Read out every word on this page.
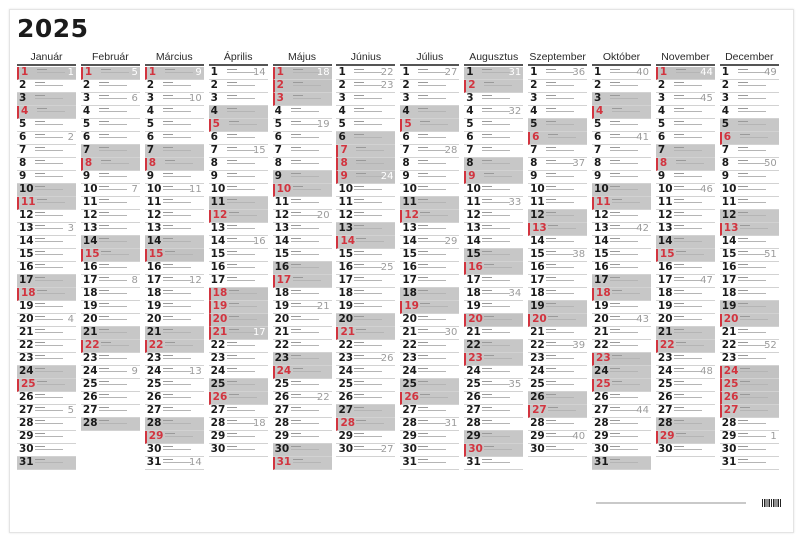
2025
Január
1	1
2
3
4
5
6	2
7
8
9
10
11
12
13	3
14
15
16
17
18
19
20	4
21
22
23
24
25
26
27	5
28
29
30
31
Február
1	5
2
3	6
4
5
6
7
8
9
10	7
11
12
13
14
15
16
17	8
18
19
20
21
22
23
24	9
25
26
27
28
Március
1	9
2
3	10
4
5
6
7
8
9
10	11
11
12
13
14
15
16
17	12
18
19
20
21
22
23
24	13
25
26
27
28
29
30
31	14
Április
1	14
2
3
4
5
6
7	15
8
9
10
11
12
13
14	16
15
16
17
18
19
20
21	17
22
23
24
25
26
27
28	18
29
30
Május
1	18
2
3
4
5	19
6
7
8
9
10
11
12	20
13
14
15
16
17
18
19	21
20
21
22
23
24
25
26	22
27
28
29
30
31
Június
1	22
2	23
3
4
5
6
7
8
9	24
10
11
12
13
14
15
16	25
17
18
19
20
21
22
23	26
24
25
26
27
28
29
30	27
Július
1	27
2
3
4
5
6
7	28
8
9
10
11
12
13
14	29
15
16
17
18
19
20
21	30
22
23
24
25
26
27
28	31
29
30
31
Augusztus
1	31
2
3
4	32
5
6
7
8
9
10
11	33
12
13
14
15
16
17
18	34
19
20
21
22
23
24
25	35
26
27
28
29
30
31
Szeptember
1	36
2
3
4
5
6
7
8	37
9
10
11
12
13
14
15	38
16
17
18
19
20
21
22	39
23
24
25
26
27
28
29	40
30
Október
1	40
2
3
4
5
6	41
7
8
9
10
11
12
13	42
14
15
16
17
18
19
20	43
21
22
23
24
25
26
27	44
28
29
30
31
November
1	44
2
3	45
4
5
6
7
8
9
10	46
11
12
13
14
15
16
17	47
18
19
20
21
22
23
24	48
25
26
27
28
29
30
December
1	49
2
3
4
5
6
7
8	50
9
10
11
12
13
14
15	51
16
17
18
19
20
21
22	52
23
24
25
26
27
28
29	1
30
31
